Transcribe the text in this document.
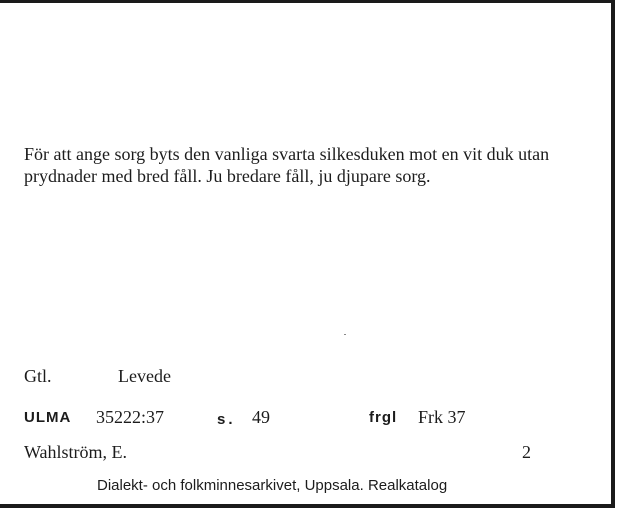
För att ange sorg byts den vanliga svarta silkesduken mot en vit duk utan prydnader med bred fåll. Ju bredare fåll, ju djupare sorg.

Gtl.	Levede
ULMA 35222:37	s. 49	frgl Frk 37
Wahlström, E.	2
Dialekt- och folkminnesarkivet, Uppsala. Realkatalog
